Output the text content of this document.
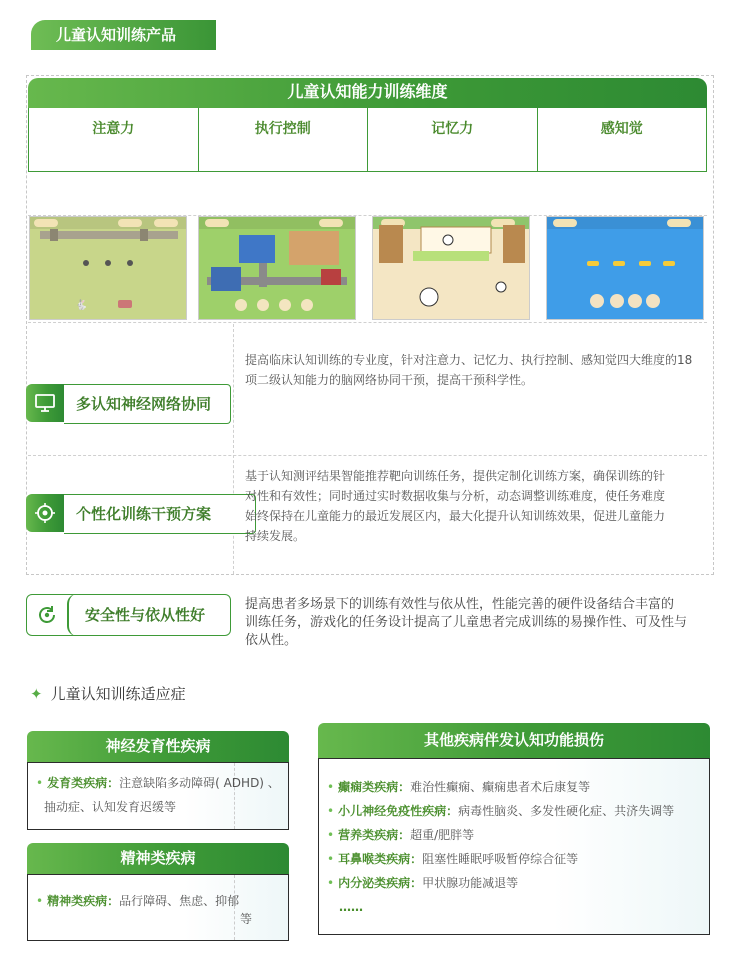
儿童认知训练产品
儿童认知能力训练维度
注意力	执行控制	记忆力	感知觉
🐇
多认知神经网络协同
提高临床认知训练的专业度，针对注意力、记忆力、执行控制、感知觉四大维度的18
项二级认知能力的脑网络协同干预，提高干预科学性。
个性化训练干预方案
基于认知测评结果智能推荐靶向训练任务，提供定制化训练方案，确保训练的针
对性和有效性；同时通过实时数据收集与分析，动态调整训练难度，使任务难度
始终保持在儿童能力的最近发展区内，最大化提升认知训练效果，促进儿童能力
持续发展。
安全性与依从性好
提高患者多场景下的训练有效性与依从性，性能完善的硬件设备结合丰富的
训练任务，游戏化的任务设计提高了儿童患者完成训练的易操作性、可及性与
依从性。
✦ 儿童认知训练适应症
神经发育性疾病
• 发育类疾病：注意缺陷多动障碍( ADHD) 、
抽动症、认知发育迟缓等
精神类疾病
• 精神类疾病：品行障碍、焦虑、抑郁
等
其他疾病伴发认知功能损伤
• 癫痫类疾病：难治性癫痫、癫痫患者术后康复等
• 小儿神经免疫性疾病：病毒性脑炎、多发性硬化症、共济失调等
• 营养类疾病：超重/肥胖等
• 耳鼻喉类疾病：阻塞性睡眠呼吸暂停综合征等
• 内分泌类疾病：甲状腺功能减退等
……
